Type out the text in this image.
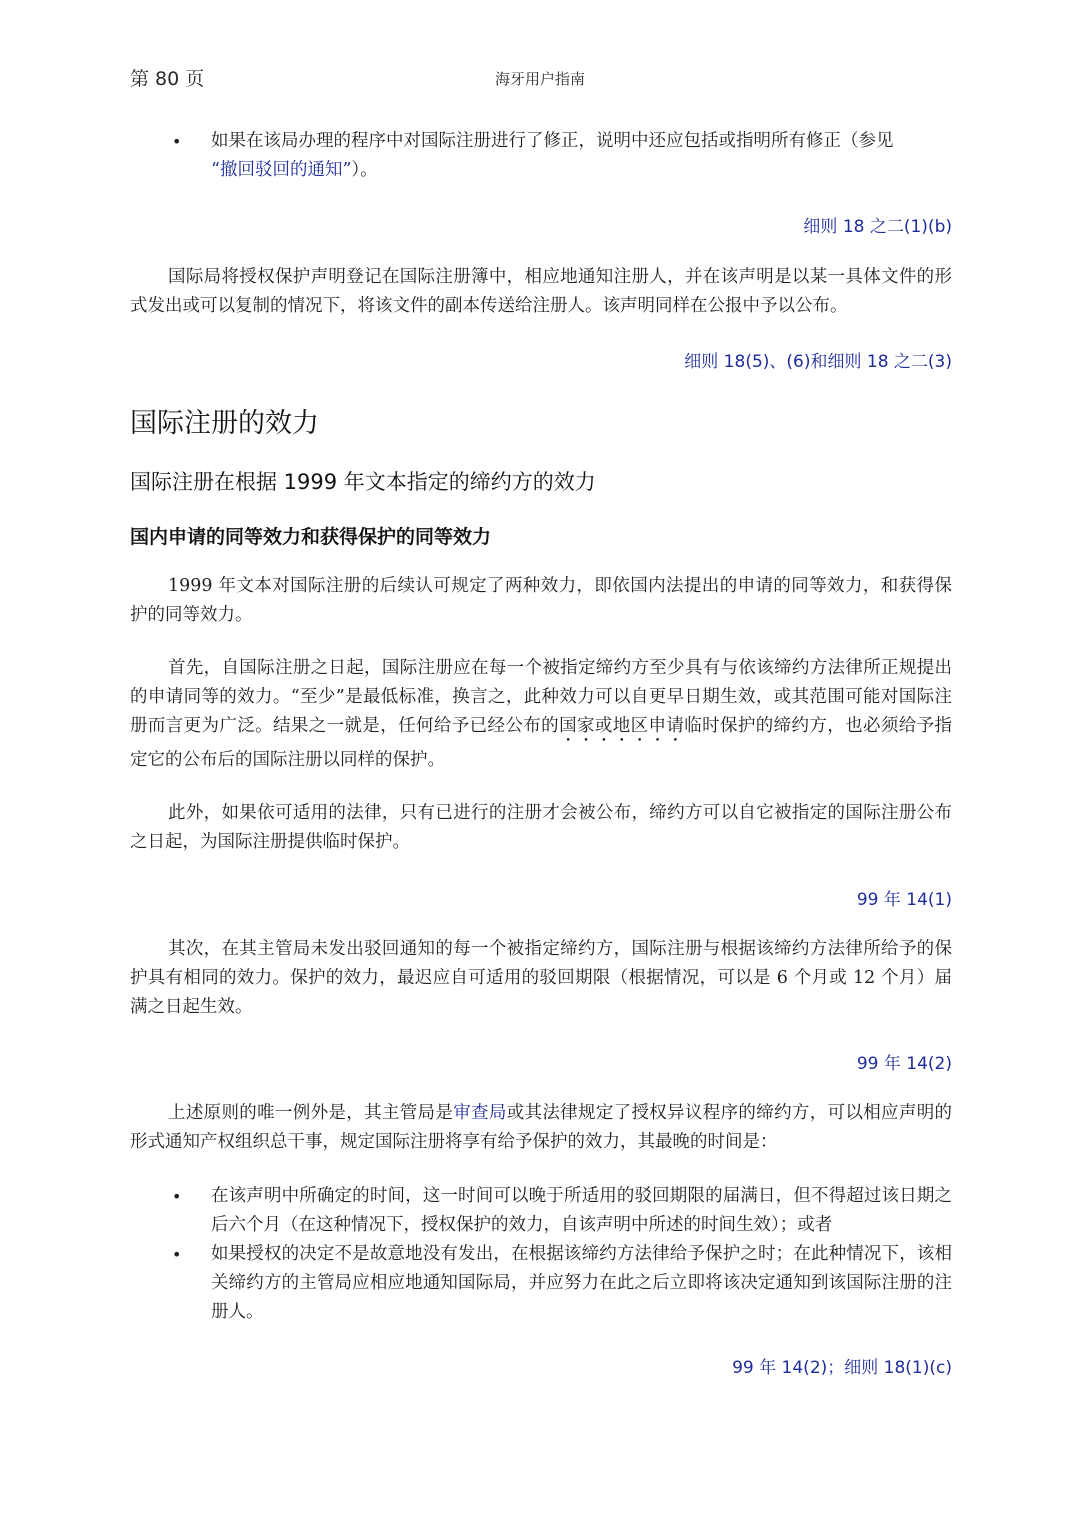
第 80 页	海牙用户指南
• 如果在该局办理的程序中对国际注册进行了修正，说明中还应包括或指明所有修正（参见
“撤回驳回的通知”）。
细则 18 之二(1)(b)

国际局将授权保护声明登记在国际注册簿中，相应地通知注册人，并在该声明是以某一具体文件的形式发出或可以复制的情况下，将该文件的副本传送给注册人。该声明同样在公报中予以公布。

细则 18(5)、(6)和细则 18 之二(3)
国际注册的效力
国际注册在根据 1999 年文本指定的缔约方的效力
国内申请的同等效力和获得保护的同等效力

1999 年文本对国际注册的后续认可规定了两种效力，即依国内法提出的申请的同等效力，和获得保护的同等效力。

首先，自国际注册之日起，国际注册应在每一个被指定缔约方至少具有与依该缔约方法律所正规提出的申请同等的效力。“至少”是最低标准，换言之，此种效力可以自更早日期生效，或其范围可能对国际注册而言更为广泛。结果之一就是，任何给予已经公布的国家或地区申请临时保护的缔约方，也必须给予指定它的公布后的国际注册以同样的保护。

此外，如果依可适用的法律，只有已进行的注册才会被公布，缔约方可以自它被指定的国际注册公布之日起，为国际注册提供临时保护。

99 年 14(1)

其次，在其主管局未发出驳回通知的每一个被指定缔约方，国际注册与根据该缔约方法律所给予的保护具有相同的效力。保护的效力，最迟应自可适用的驳回期限（根据情况，可以是 6 个月或 12 个月）届满之日起生效。

99 年 14(2)

上述原则的唯一例外是，其主管局是审查局或其法律规定了授权异议程序的缔约方，可以相应声明的形式通知产权组织总干事，规定国际注册将享有给予保护的效力，其最晚的时间是：

• 在该声明中所确定的时间，这一时间可以晚于所适用的驳回期限的届满日，但不得超过该日期之后六个月（在这种情况下，授权保护的效力，自该声明中所述的时间生效）；或者
• 如果授权的决定不是故意地没有发出，在根据该缔约方法律给予保护之时；在此种情况下，该相关缔约方的主管局应相应地通知国际局，并应努力在此之后立即将该决定通知到该国际注册的注册人。
99 年 14(2)；细则 18(1)(c)
